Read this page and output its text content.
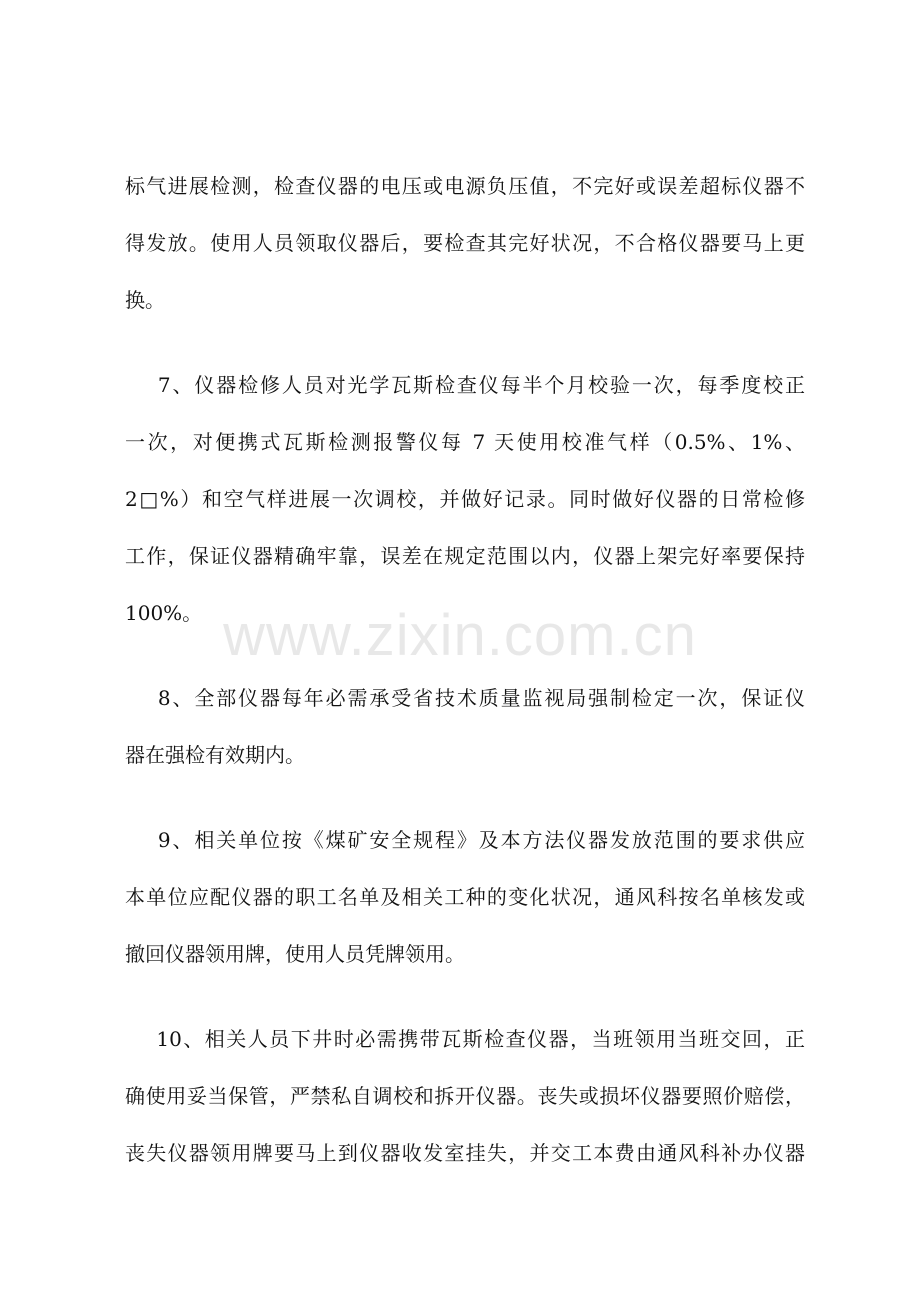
标气进展检测，检查仪器的电压或电源负压值，不完好或误差超标仪器不
得发放。使用人员领取仪器后，要检查其完好状况，不合格仪器要马上更
换。
7、仪器检修人员对光学瓦斯检查仪每半个月校验一次，每季度校正
一次，对便携式瓦斯检测报警仪每 7 天使用校准气样（0.5%、1%、
2□%）和空气样进展一次调校，并做好记录。同时做好仪器的日常检修
工作，保证仪器精确牢靠，误差在规定范围以内，仪器上架完好率要保持
100%。 www.zixin.com.cn
8、全部仪器每年必需承受省技术质量监视局强制检定一次，保证仪
器在强检有效期内。
9、相关单位按《煤矿安全规程》及本方法仪器发放范围的要求供应
本单位应配仪器的职工名单及相关工种的变化状况，通风科按名单核发或
撤回仪器领用牌，使用人员凭牌领用。
10、相关人员下井时必需携带瓦斯检查仪器，当班领用当班交回，正
确使用妥当保管，严禁私自调校和拆开仪器。丧失或损坏仪器要照价赔偿，
丧失仪器领用牌要马上到仪器收发室挂失，并交工本费由通风科补办仪器
